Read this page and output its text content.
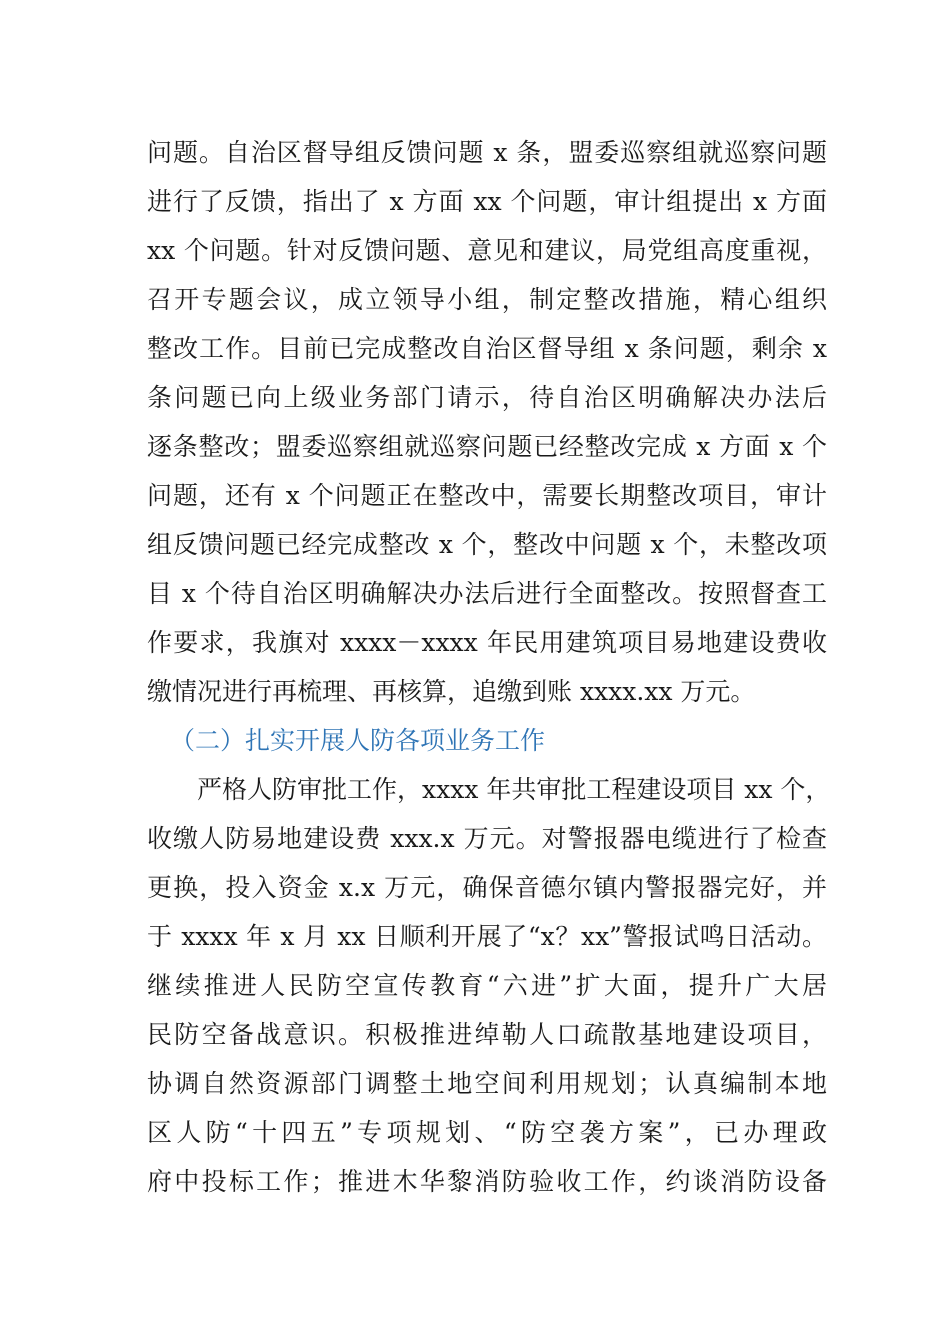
问题。自治区督导组反馈问题 x 条，盟委巡察组就巡察问题
进行了反馈，指出了 x 方面 xx 个问题，审计组提出 x 方面
xx 个问题。针对反馈问题、意见和建议，局党组高度重视，
召开专题会议，成立领导小组，制定整改措施，精心组织
整改工作。目前已完成整改自治区督导组 x 条问题，剩余 x
条问题已向上级业务部门请示，待自治区明确解决办法后
逐条整改；盟委巡察组就巡察问题已经整改完成 x 方面 x 个
问题，还有 x 个问题正在整改中，需要长期整改项目，审计
组反馈问题已经完成整改 x 个，整改中问题 x 个，未整改项
目 x 个待自治区明确解决办法后进行全面整改。按照督查工
作要求，我旗对 xxxx－xxxx 年民用建筑项目易地建设费收
缴情况进行再梳理、再核算，追缴到账 xxxx.xx 万元。
（二）扎实开展人防各项业务工作
严格人防审批工作，xxxx 年共审批工程建设项目 xx 个，
收缴人防易地建设费 xxx.x 万元。对警报器电缆进行了检查
更换，投入资金 x.x 万元，确保音德尔镇内警报器完好，并
于 xxxx 年 x 月 xx 日顺利开展了“x？xx”警报试鸣日活动。
继续推进人民防空宣传教育“六进”扩大面，提升广大居
民防空备战意识。积极推进绰勒人口疏散基地建设项目，
协调自然资源部门调整土地空间利用规划；认真编制本地
区人防“十四五”专项规划、“防空袭方案”，已办理政
府中投标工作；推进木华黎消防验收工作，约谈消防设备
